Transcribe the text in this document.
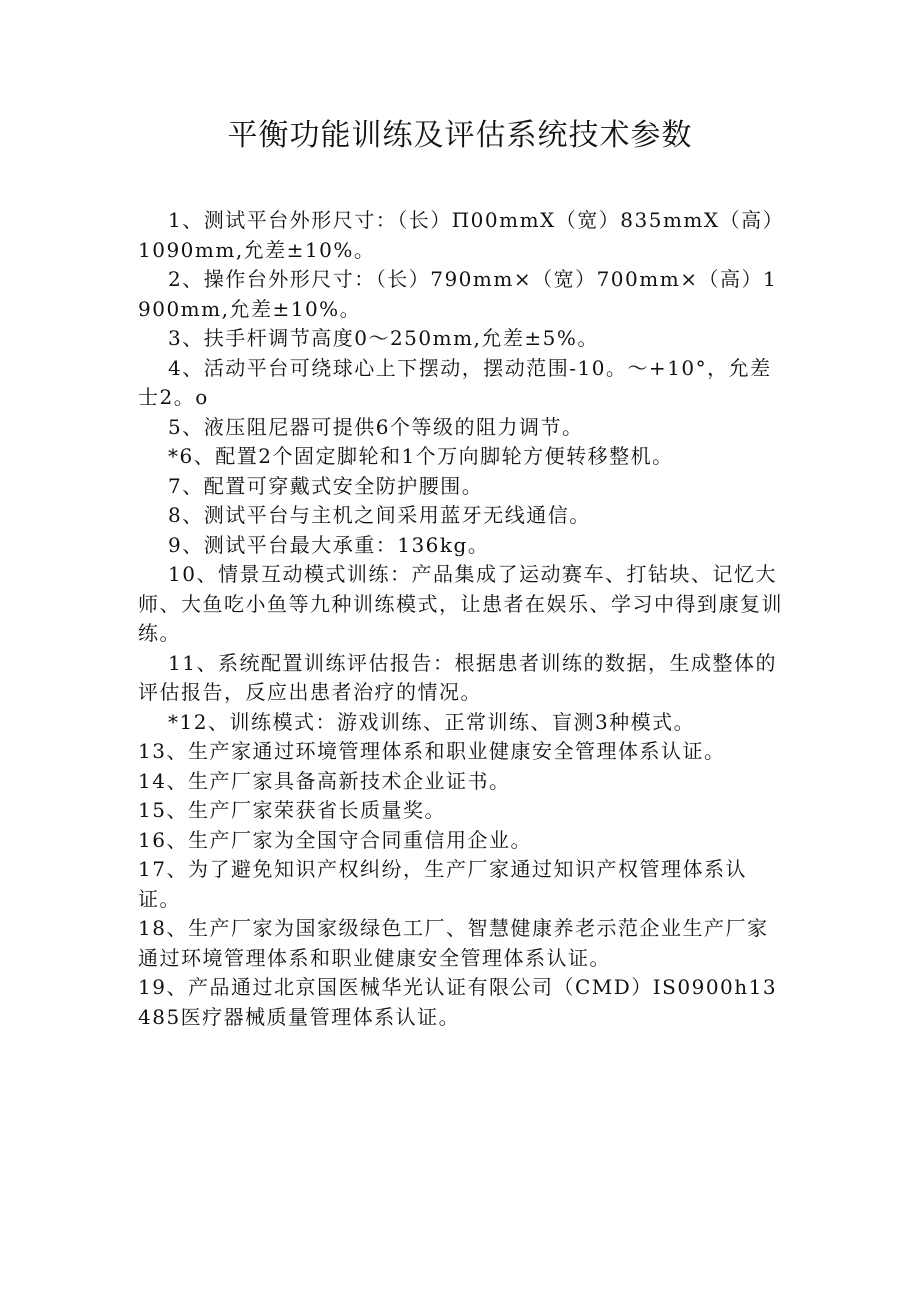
平衡功能训练及评估系统技术参数
1、测试平台外形尺寸：（长）Π00mmX（宽）835mmX（高）1090mm,允差±10%。
2、操作台外形尺寸：（长）790mm×（宽）700mm×（高）1900mm,允差±10%。
3、扶手杆调节高度0～250mm,允差±5%。
4、活动平台可绕球心上下摆动，摆动范围-10。～+10°，允差士2。o
5、液压阻尼器可提供6个等级的阻力调节。
*6、配置2个固定脚轮和1个万向脚轮方便转移整机。
7、配置可穿戴式安全防护腰围。
8、测试平台与主机之间采用蓝牙无线通信。
9、测试平台最大承重：136kg。
10、情景互动模式训练：产品集成了运动赛车、打钻块、记忆大师、大鱼吃小鱼等九种训练模式，让患者在娱乐、学习中得到康复训练。
11、系统配置训练评估报告：根据患者训练的数据，生成整体的评估报告，反应出患者治疗的情况。
*12、训练模式：游戏训练、正常训练、盲测3种模式。
13、生产家通过环境管理体系和职业健康安全管理体系认证。
14、生产厂家具备高新技术企业证书。
15、生产厂家荣获省长质量奖。
16、生产厂家为全国守合同重信用企业。
17、为了避免知识产权纠纷，生产厂家通过知识产权管理体系认证。
18、生产厂家为国家级绿色工厂、智慧健康养老示范企业生产厂家通过环境管理体系和职业健康安全管理体系认证。
19、产品通过北京国医械华光认证有限公司（CMD）IS0900h13485医疗器械质量管理体系认证。
